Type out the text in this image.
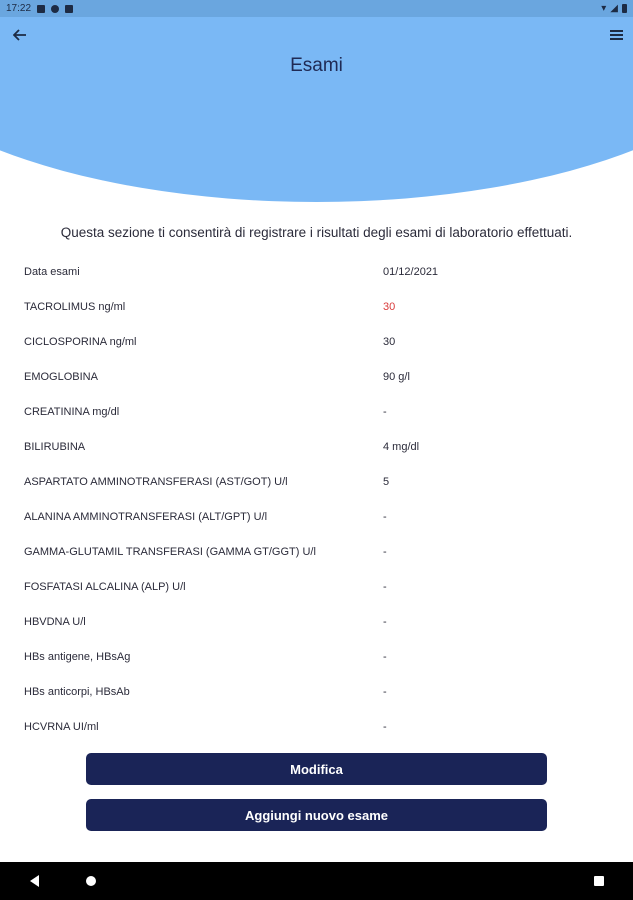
17:22	▾ ◢
Esami
Questa sezione ti consentirà di registrare i risultati degli esami di laboratorio effettuati.
Data esami	01/12/2021
TACROLIMUS ng/ml	30
CICLOSPORINA ng/ml	30
EMOGLOBINA	90 g/l
CREATININA mg/dl	-
BILIRUBINA	4 mg/dl
ASPARTATO AMMINOTRANSFERASI (AST/GOT) U/l	5
ALANINA AMMINOTRANSFERASI (ALT/GPT) U/l	-
GAMMA-GLUTAMIL TRANSFERASI (GAMMA GT/GGT) U/l	-
FOSFATASI ALCALINA (ALP) U/l	-
HBVDNA U/l	-
HBs antigene, HBsAg	-
HBs anticorpi, HBsAb	-
HCVRNA UI/ml	-
Modifica
Aggiungi nuovo esame
